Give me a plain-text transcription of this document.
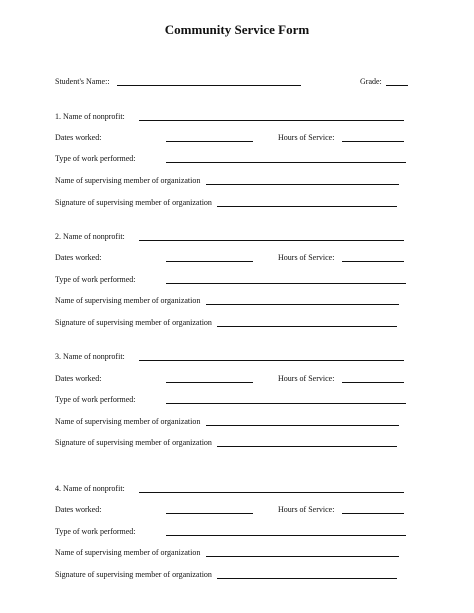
Community Service Form
Student's Name::	Grade:
1. Name of nonprofit:
Dates worked:	Hours of Service:
Type of work performed:
Name of supervising member of organization
Signature of supervising member of organization
2. Name of nonprofit:
Dates worked:	Hours of Service:
Type of work performed:
Name of supervising member of organization
Signature of supervising member of organization
3. Name of nonprofit:
Dates worked:	Hours of Service:
Type of work performed:
Name of supervising member of organization
Signature of supervising member of organization
4. Name of nonprofit:
Dates worked:	Hours of Service:
Type of work performed:
Name of supervising member of organization
Signature of supervising member of organization
